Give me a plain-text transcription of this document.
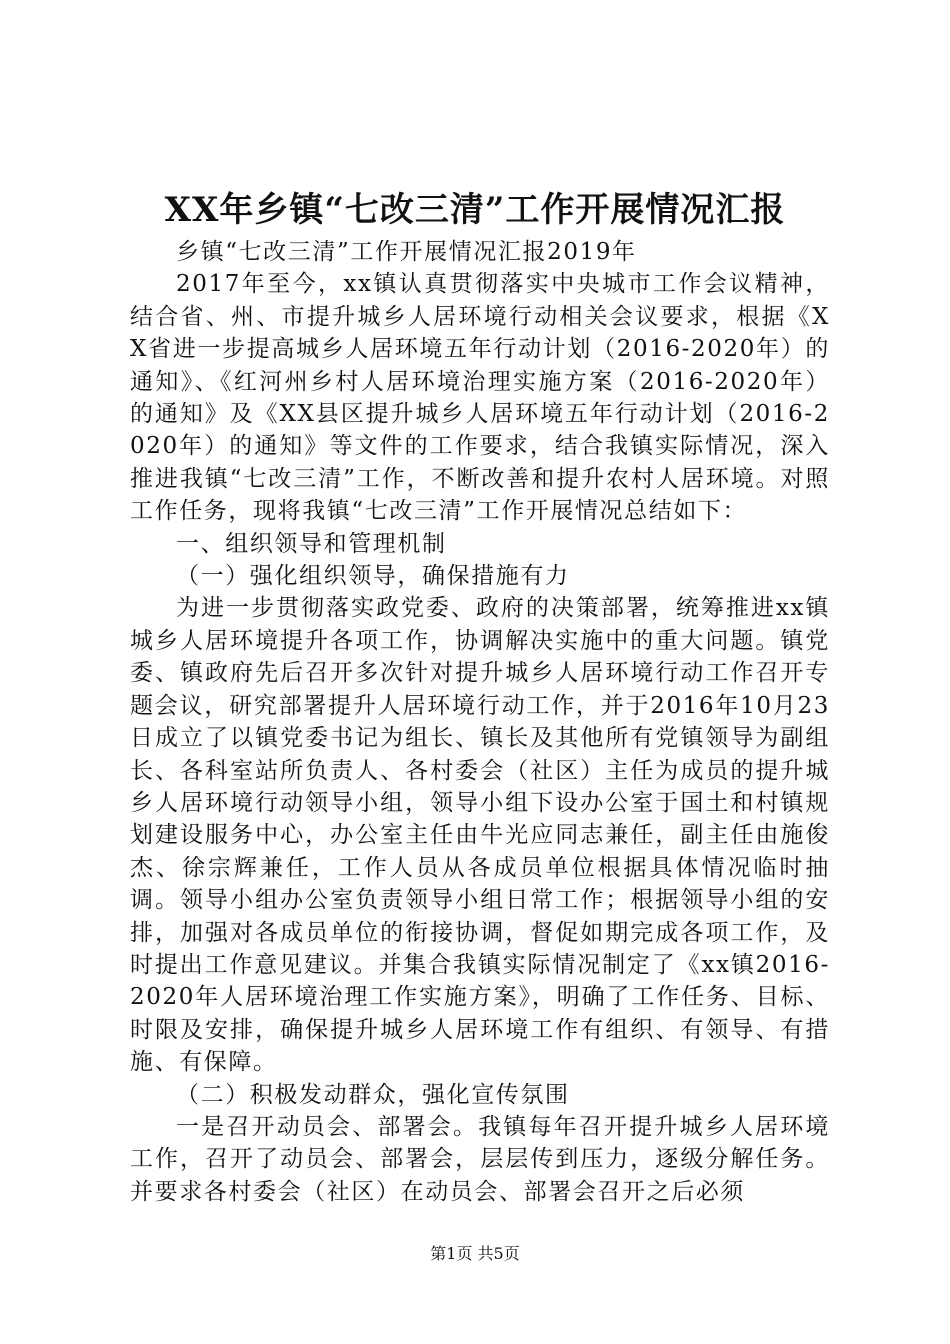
XX年乡镇“七改三清”工作开展情况汇报

乡镇“七改三清”工作开展情况汇报2019年

2017年至今，xx镇认真贯彻落实中央城市工作会议精神，结合省、州、市提升城乡人居环境行动相关会议要求，根据《XX省进一步提高城乡人居环境五年行动计划（2016-2020年）的通知》、《红河州乡村人居环境治理实施方案（2016-2020年）的通知》及《XX县区提升城乡人居环境五年行动计划（2016-2020年）的通知》等文件的工作要求，结合我镇实际情况，深入推进我镇“七改三清”工作，不断改善和提升农村人居环境。对照工作任务，现将我镇“七改三清”工作开展情况总结如下：

一、组织领导和管理机制

（一）强化组织领导，确保措施有力

为进一步贯彻落实政党委、政府的决策部署，统筹推进xx镇城乡人居环境提升各项工作，协调解决实施中的重大问题。镇党委、镇政府先后召开多次针对提升城乡人居环境行动工作召开专题会议，研究部署提升人居环境行动工作，并于2016年10月23日成立了以镇党委书记为组长、镇长及其他所有党镇领导为副组长、各科室站所负责人、各村委会（社区）主任为成员的提升城乡人居环境行动领导小组，领导小组下设办公室于国土和村镇规划建设服务中心，办公室主任由牛光应同志兼任，副主任由施俊杰、徐宗辉兼任，工作人员从各成员单位根据具体情况临时抽调。领导小组办公室负责领导小组日常工作；根据领导小组的安排，加强对各成员单位的衔接协调，督促如期完成各项工作，及时提出工作意见建议。并集合我镇实际情况制定了《xx镇2016-2020年人居环境治理工作实施方案》，明确了工作任务、目标、时限及安排，确保提升城乡人居环境工作有组织、有领导、有措施、有保障。

（二）积极发动群众，强化宣传氛围

一是召开动员会、部署会。我镇每年召开提升城乡人居环境工作，召开了动员会、部署会，层层传到压力，逐级分解任务。并要求各村委会（社区）在动员会、部署会召开之后必须

第1页 共5页
